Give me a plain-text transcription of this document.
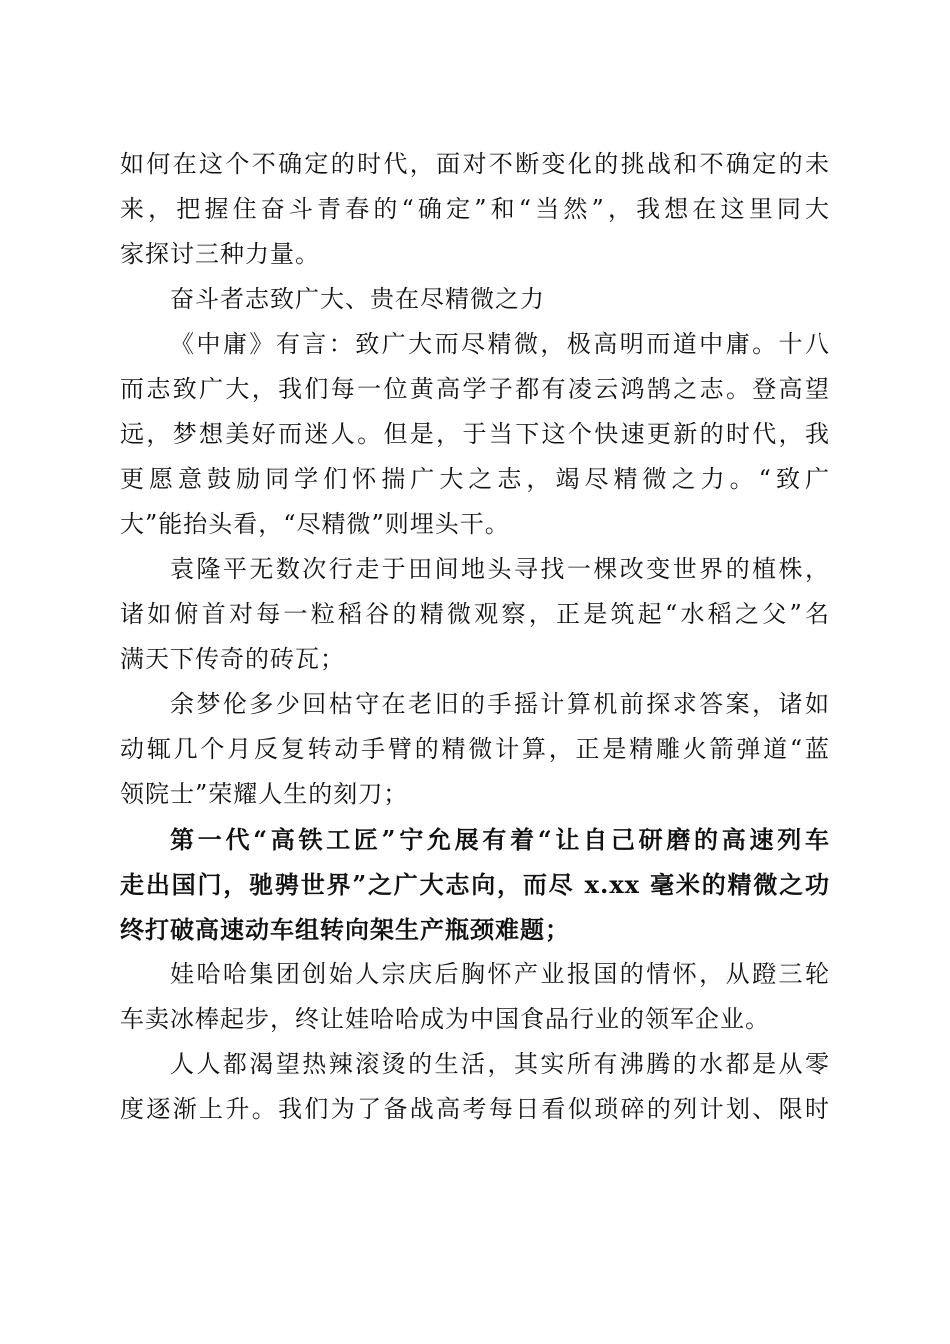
如何在这个不确定的时代，面对不断变化的挑战和不确定的未
来，把握住奋斗青春的“确定”和“当然”，我想在这里同大
家探讨三种力量。
奋斗者志致广大、贵在尽精微之力
《中庸》有言：致广大而尽精微，极高明而道中庸。十八
而志致广大，我们每一位黄高学子都有凌云鸿鹄之志。登高望
远，梦想美好而迷人。但是，于当下这个快速更新的时代，我
更愿意鼓励同学们怀揣广大之志，竭尽精微之力。“致广
大”能抬头看，“尽精微”则埋头干。
袁隆平无数次行走于田间地头寻找一棵改变世界的植株，
诸如俯首对每一粒稻谷的精微观察，正是筑起“水稻之父”名
满天下传奇的砖瓦；
余梦伦多少回枯守在老旧的手摇计算机前探求答案，诸如
动辄几个月反复转动手臂的精微计算，正是精雕火箭弹道“蓝
领院士”荣耀人生的刻刀；
第一代“高铁工匠”宁允展有着“让自己研磨的高速列车
走出国门，驰骋世界”之广大志向，而尽 x.xx 毫米的精微之功
终打破高速动车组转向架生产瓶颈难题；
娃哈哈集团创始人宗庆后胸怀产业报国的情怀，从蹬三轮
车卖冰棒起步，终让娃哈哈成为中国食品行业的领军企业。
人人都渴望热辣滚烫的生活，其实所有沸腾的水都是从零
度逐渐上升。我们为了备战高考每日看似琐碎的列计划、限时
